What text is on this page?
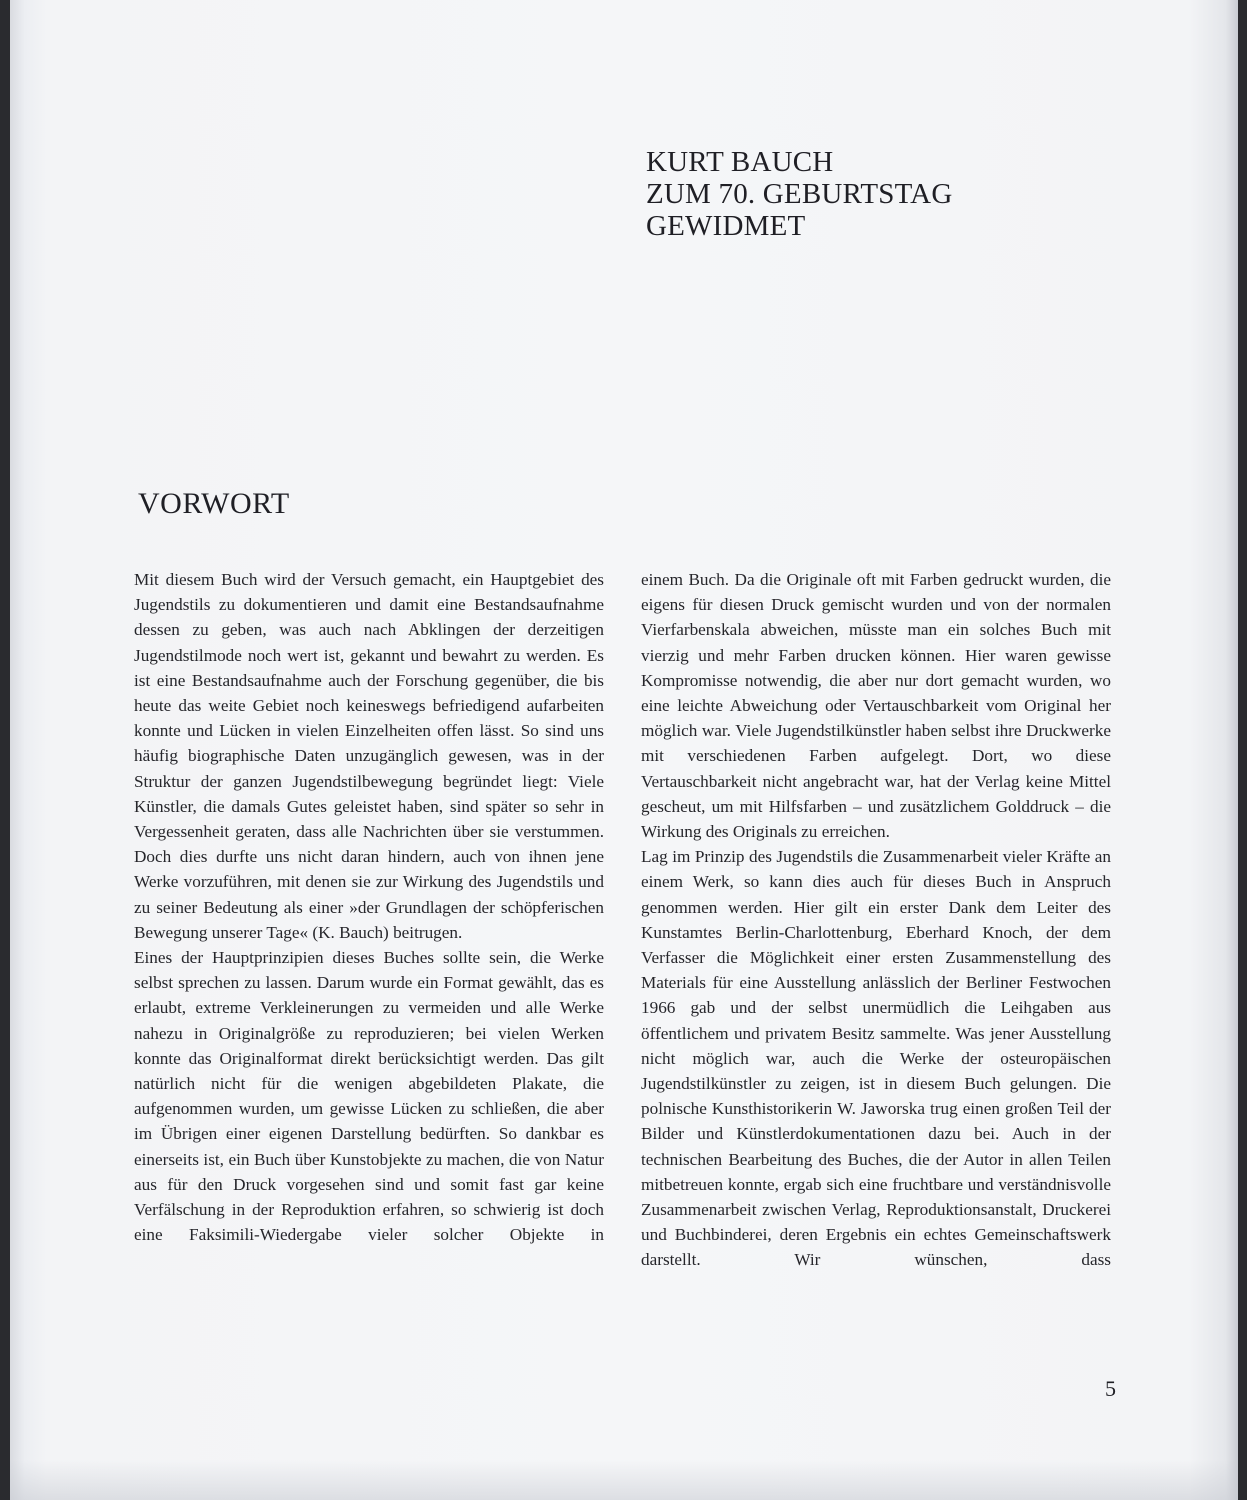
KURT BAUCH
ZUM 70. GEBURTSTAG
GEWIDMET
VORWORT

Mit diesem Buch wird der Versuch gemacht, ein Hauptgebiet des Jugendstils zu dokumentieren und damit eine Bestandsaufnahme dessen zu geben, was auch nach Abklingen der derzeitigen Jugendstilmode noch wert ist, gekannt und bewahrt zu werden. Es ist eine Bestandsaufnahme auch der Forschung gegenüber, die bis heute das weite Gebiet noch keineswegs befriedigend aufarbeiten konnte und Lücken in vielen Einzelheiten offen lässt. So sind uns häufig biographische Daten unzugänglich gewesen, was in der Struktur der ganzen Jugendstilbewegung begründet liegt: Viele Künstler, die damals Gutes geleistet haben, sind später so sehr in Vergessenheit geraten, dass alle Nachrichten über sie verstummen. Doch dies durfte uns nicht daran hindern, auch von ihnen jene Werke vorzuführen, mit denen sie zur Wirkung des Jugendstils und zu seiner Bedeutung als einer »der Grundlagen der schöpferischen Bewegung unserer Tage« (K. Bauch) beitrugen.

Eines der Hauptprinzipien dieses Buches sollte sein, die Werke selbst sprechen zu lassen. Darum wurde ein Format gewählt, das es erlaubt, extreme Verkleinerungen zu vermeiden und alle Werke nahezu in Originalgröße zu reproduzieren; bei vielen Werken konnte das Originalformat direkt berücksichtigt werden. Das gilt natürlich nicht für die wenigen abgebildeten Plakate, die aufgenommen wurden, um gewisse Lücken zu schließen, die aber im Übrigen einer eigenen Darstellung bedürften. So dankbar es einerseits ist, ein Buch über Kunstobjekte zu machen, die von Natur aus für den Druck vorgesehen sind und somit fast gar keine Verfälschung in der Reproduktion erfahren, so schwierig ist doch eine Faksimili-Wiedergabe vieler solcher Objekte in

einem Buch. Da die Originale oft mit Farben gedruckt wurden, die eigens für diesen Druck gemischt wurden und von der normalen Vierfarbenskala abweichen, müsste man ein solches Buch mit vierzig und mehr Farben drucken können. Hier waren gewisse Kompromisse notwendig, die aber nur dort gemacht wurden, wo eine leichte Abweichung oder Vertauschbarkeit vom Original her möglich war. Viele Jugendstilkünstler haben selbst ihre Druckwerke mit verschiedenen Farben aufgelegt. Dort, wo diese Vertauschbarkeit nicht angebracht war, hat der Verlag keine Mittel gescheut, um mit Hilfsfarben – und zusätzlichem Golddruck – die Wirkung des Originals zu erreichen.

Lag im Prinzip des Jugendstils die Zusammenarbeit vieler Kräfte an einem Werk, so kann dies auch für dieses Buch in Anspruch genommen werden. Hier gilt ein erster Dank dem Leiter des Kunstamtes Berlin-Charlottenburg, Eberhard Knoch, der dem Verfasser die Möglichkeit einer ersten Zusammenstellung des Materials für eine Ausstellung anlässlich der Berliner Festwochen 1966 gab und der selbst unermüdlich die Leihgaben aus öffentlichem und privatem Besitz sammelte. Was jener Ausstellung nicht möglich war, auch die Werke der osteuropäischen Jugendstilkünstler zu zeigen, ist in diesem Buch gelungen. Die polnische Kunsthistorikerin W. Jaworska trug einen großen Teil der Bilder und Künstlerdokumentationen dazu bei. Auch in der technischen Bearbeitung des Buches, die der Autor in allen Teilen mitbetreuen konnte, ergab sich eine fruchtbare und verständnisvolle Zusammenarbeit zwischen Verlag, Reproduktionsanstalt, Druckerei und Buchbinderei, deren Ergebnis ein echtes Gemeinschaftswerk darstellt. Wir wünschen, dass

5
